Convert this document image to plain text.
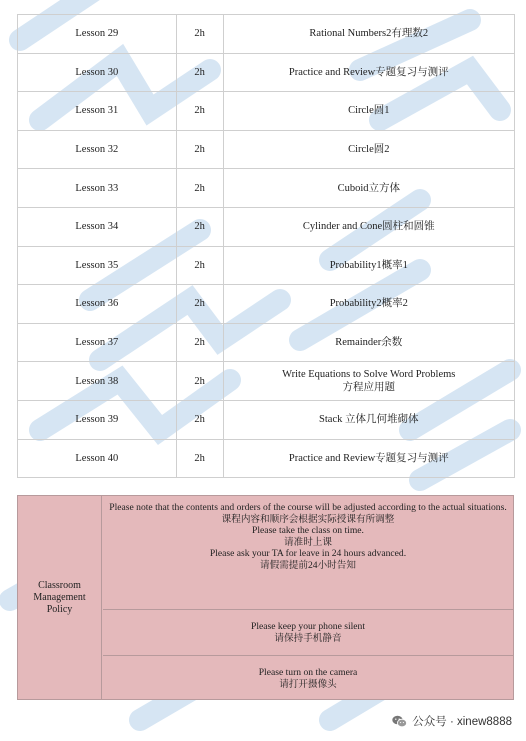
Lesson 29	2h	Rational Numbers2有理数2

Lesson 30	2h	Practice and Review专题复习与测评

Lesson 31	2h	Circle圆1

Lesson 32	2h	Circle圆2

Lesson 33	2h	Cuboid立方体

Lesson 34	2h	Cylinder and Cone圆柱和圆锥

Lesson 35	2h	Probability1概率1

Lesson 36	2h	Probability2概率2

Lesson 37	2h	Remainder余数

Lesson 38	2h	Write Equations to Solve Word Problems
方程应用题

Lesson 39	2h	Stack 立体几何堆砌体

Lesson 40	2h	Practice and Review专题复习与测评
Classroom Management Policy
Please note that the contents and orders of the course will be adjusted according to the actual situations.
课程内容和顺序会根据实际授课有所调整
Please take the class on time.
请准时上课
Please ask your TA for leave in 24 hours advanced.
请假需提前24小时告知
Please keep your phone silent
请保持手机静音
Please turn on the camera
请打开摄像头
公众号 · xinew8888
